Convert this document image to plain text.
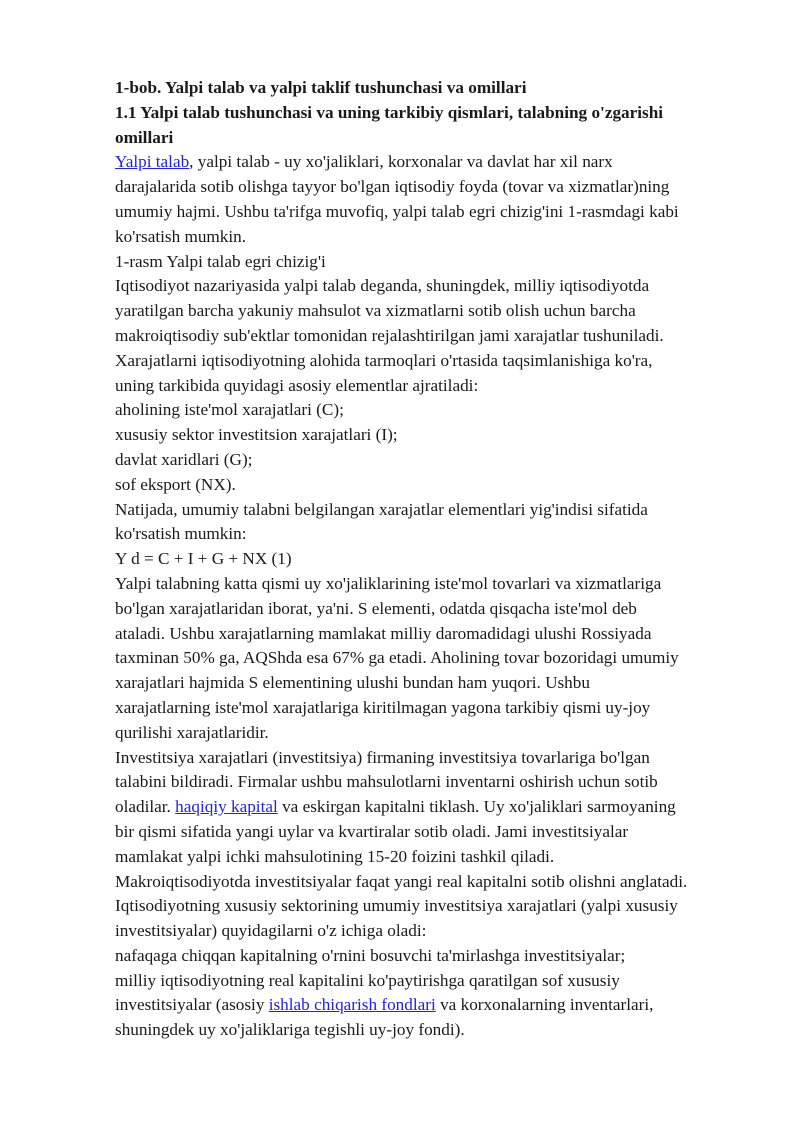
1-bob. Yalpi talab va yalpi taklif tushunchasi va omillari

1.1 Yalpi talab tushunchasi va uning tarkibiy qismlari, talabning o'zgarishi

omillari

Yalpi talab, yalpi talab - uy xo'jaliklari, korxonalar va davlat har xil narx

darajalarida sotib olishga tayyor bo'lgan iqtisodiy foyda (tovar va xizmatlar)ning

umumiy hajmi. Ushbu ta'rifga muvofiq, yalpi talab egri chizig'ini 1-rasmdagi kabi

ko'rsatish mumkin.

1-rasm Yalpi talab egri chizig'i

Iqtisodiyot nazariyasida yalpi talab deganda, shuningdek, milliy iqtisodiyotda

yaratilgan barcha yakuniy mahsulot va xizmatlarni sotib olish uchun barcha

makroiqtisodiy sub'ektlar tomonidan rejalashtirilgan jami xarajatlar tushuniladi.

Xarajatlarni iqtisodiyotning alohida tarmoqlari o'rtasida taqsimlanishiga ko'ra,

uning tarkibida quyidagi asosiy elementlar ajratiladi:

aholining iste'mol xarajatlari (C);

xususiy sektor investitsion xarajatlari (I);

davlat xaridlari (G);

sof eksport (NX).

Natijada, umumiy talabni belgilangan xarajatlar elementlari yig'indisi sifatida

ko'rsatish mumkin:

Y d = C + I + G + NX (1)

Yalpi talabning katta qismi uy xo'jaliklarining iste'mol tovarlari va xizmatlariga

bo'lgan xarajatlaridan iborat, ya'ni. S elementi, odatda qisqacha iste'mol deb

ataladi. Ushbu xarajatlarning mamlakat milliy daromadidagi ulushi Rossiyada

taxminan 50% ga, AQShda esa 67% ga etadi. Aholining tovar bozoridagi umumiy

xarajatlari hajmida S elementining ulushi bundan ham yuqori. Ushbu

xarajatlarning iste'mol xarajatlariga kiritilmagan yagona tarkibiy qismi uy-joy

qurilishi xarajatlaridir.

Investitsiya xarajatlari (investitsiya) firmaning investitsiya tovarlariga bo'lgan

talabini bildiradi. Firmalar ushbu mahsulotlarni inventarni oshirish uchun sotib

oladilar. haqiqiy kapital va eskirgan kapitalni tiklash. Uy xo'jaliklari sarmoyaning

bir qismi sifatida yangi uylar va kvartiralar sotib oladi. Jami investitsiyalar

mamlakat yalpi ichki mahsulotining 15-20 foizini tashkil qiladi.

Makroiqtisodiyotda investitsiyalar faqat yangi real kapitalni sotib olishni anglatadi.

Iqtisodiyotning xususiy sektorining umumiy investitsiya xarajatlari (yalpi xususiy

investitsiyalar) quyidagilarni o'z ichiga oladi:

nafaqaga chiqqan kapitalning o'rnini bosuvchi ta'mirlashga investitsiyalar;

milliy iqtisodiyotning real kapitalini ko'paytirishga qaratilgan sof xususiy

investitsiyalar (asosiy ishlab chiqarish fondlari va korxonalarning inventarlari,

shuningdek uy xo'jaliklariga tegishli uy-joy fondi).
